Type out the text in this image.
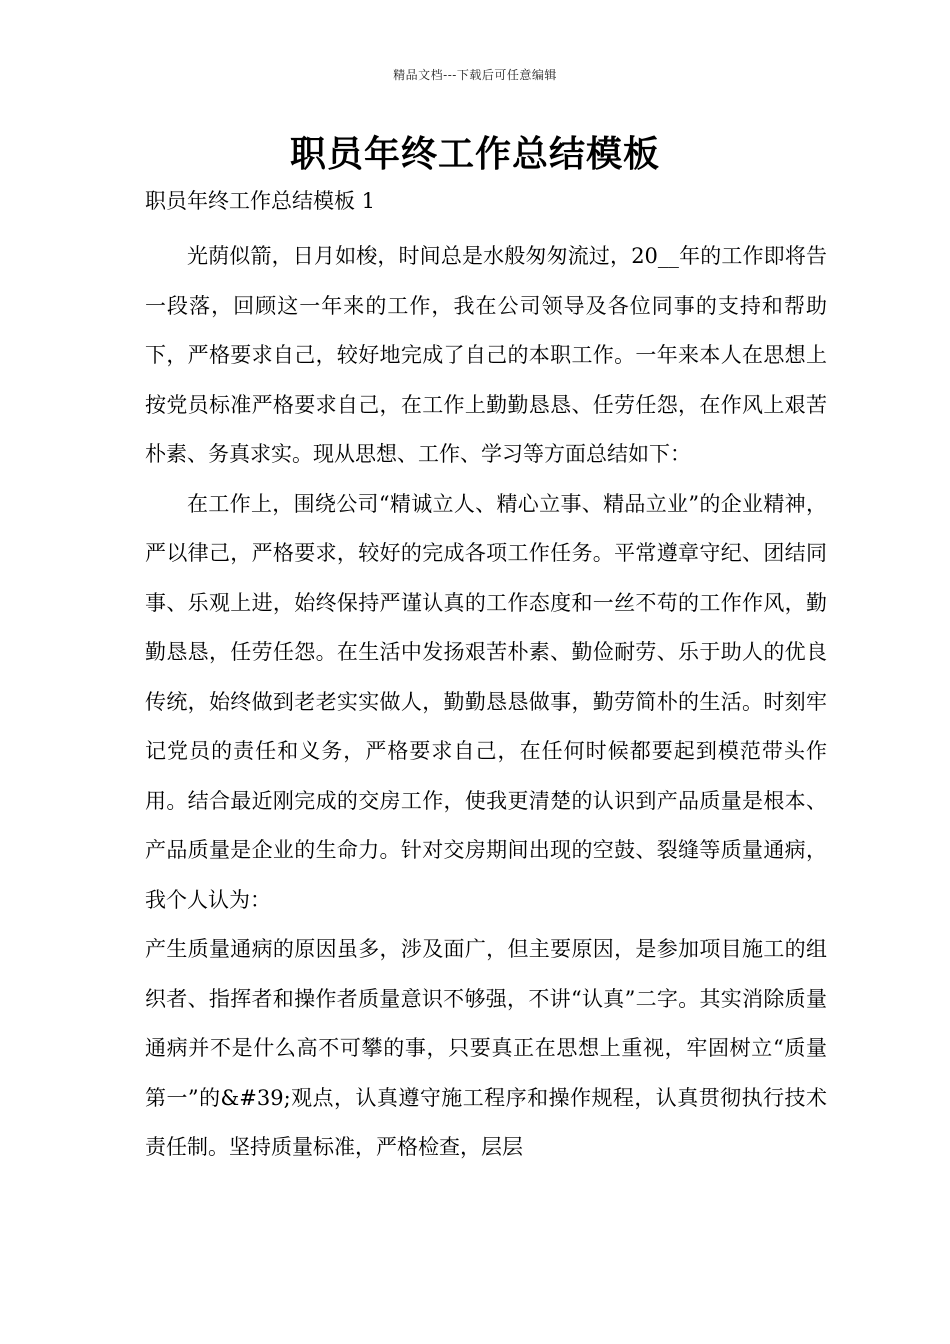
精品文档---下载后可任意编辑
职员年终工作总结模板
职员年终工作总结模板 1

光荫似箭，日月如梭，时间总是水般匆匆流过，20__年的工作即将告一段落，回顾这一年来的工作，我在公司领导及各位同事的支持和帮助下，严格要求自己，较好地完成了自己的本职工作。一年来本人在思想上按党员标准严格要求自己，在工作上勤勤恳恳、任劳任怨，在作风上艰苦朴素、务真求实。现从思想、工作、学习等方面总结如下：

在工作上，围绕公司“精诚立人、精心立事、精品立业”的企业精神，严以律己，严格要求，较好的完成各项工作任务。平常遵章守纪、团结同事、乐观上进，始终保持严谨认真的工作态度和一丝不苟的工作作风，勤勤恳恳，任劳任怨。在生活中发扬艰苦朴素、勤俭耐劳、乐于助人的优良传统，始终做到老老实实做人，勤勤恳恳做事，勤劳简朴的生活。时刻牢记党员的责任和义务，严格要求自己，在任何时候都要起到模范带头作用。结合最近刚完成的交房工作，使我更清楚的认识到产品质量是根本、产品质量是企业的生命力。针对交房期间出现的空鼓、裂缝等质量通病，我个人认为：

产生质量通病的原因虽多，涉及面广，但主要原因，是参加项目施工的组织者、指挥者和操作者质量意识不够强，不讲“认真”二字。其实消除质量通病并不是什么高不可攀的事，只要真正在思想上重视，牢固树立“质量第一”的&#39;观点，认真遵守施工程序和操作规程，认真贯彻执行技术责任制。坚持质量标准，严格检查，层层
